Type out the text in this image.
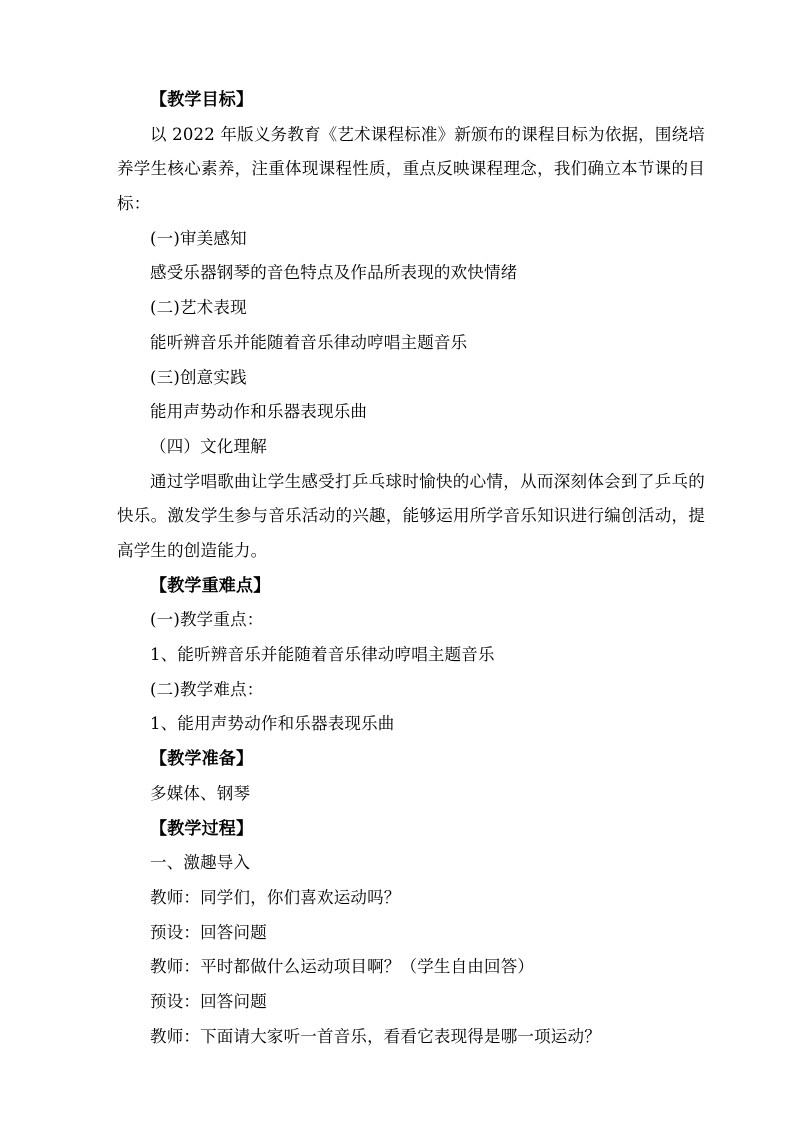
【教学目标】
以 2022 年版义务教育《艺术课程标准》新颁布的课程目标为依据，围绕培养学生核心素养，注重体现课程性质，重点反映课程理念，我们确立本节课的目标：
(一)审美感知
感受乐器钢琴的音色特点及作品所表现的欢快情绪
(二)艺术表现
能听辨音乐并能随着音乐律动哼唱主题音乐
(三)创意实践
能用声势动作和乐器表现乐曲
（四）文化理解
通过学唱歌曲让学生感受打乒乓球时愉快的心情，从而深刻体会到了乒乓的快乐。激发学生参与音乐活动的兴趣，能够运用所学音乐知识进行编创活动，提高学生的创造能力。
【教学重难点】
(一)教学重点：
1、能听辨音乐并能随着音乐律动哼唱主题音乐
(二)教学难点：
1、能用声势动作和乐器表现乐曲
【教学准备】
多媒体、钢琴
【教学过程】
一、激趣导入
教师：同学们，你们喜欢运动吗？
预设：回答问题
教师：平时都做什么运动项目啊？（学生自由回答）
预设：回答问题
教师：下面请大家听一首音乐，看看它表现得是哪一项运动？
